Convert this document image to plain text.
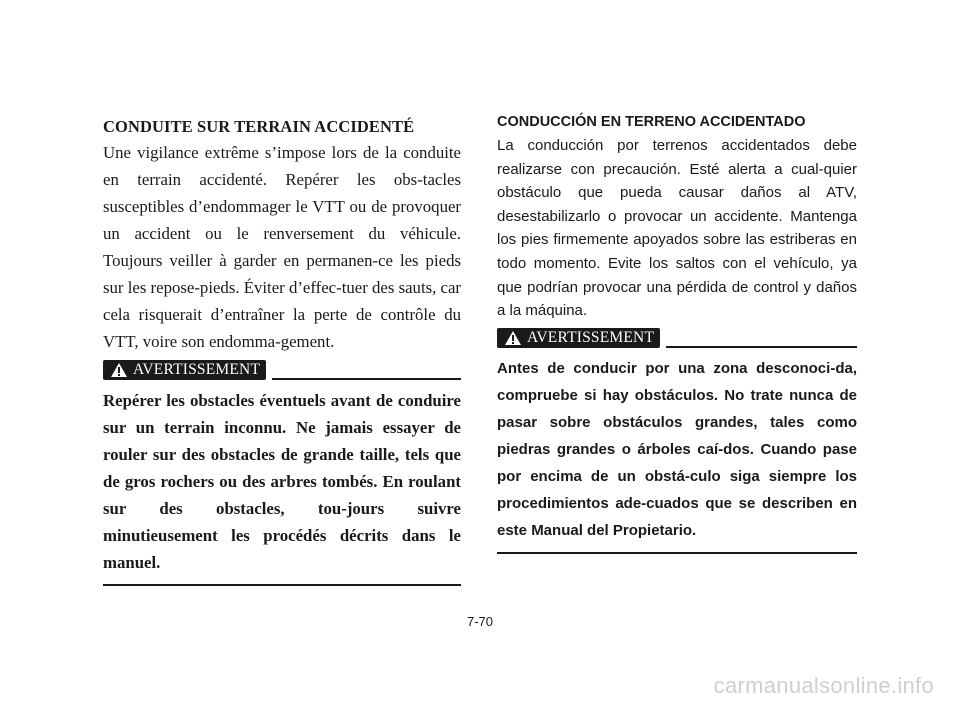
CONDUITE SUR TERRAIN ACCIDENTÉ

Une vigilance extrême s’impose lors de la conduite en terrain accidenté. Repérer les obs-tacles susceptibles d’endommager le VTT ou de provoquer un accident ou le renversement du véhicule. Toujours veiller à garder en permanen-ce les pieds sur les repose-pieds. Éviter d’effec-tuer des sauts, car cela risquerait d’entraîner la perte de contrôle du VTT, voire son endomma-gement.

AVERTISSEMENT

Repérer les obstacles éventuels avant de conduire sur un terrain inconnu. Ne jamais essayer de rouler sur des obstacles de grande taille, tels que de gros rochers ou des arbres tombés. En roulant sur des obstacles, tou-jours suivre minutieusement les procédés décrits dans le manuel.

CONDUCCIÓN EN TERRENO ACCIDENTADO

La conducción por terrenos accidentados debe realizarse con precaución. Esté alerta a cual-quier obstáculo que pueda causar daños al ATV, desestabilizarlo o provocar un accidente. Mantenga los pies firmemente apoyados sobre las estriberas en todo momento. Evite los saltos con el vehículo, ya que podrían provocar una pérdida de control y daños a la máquina.

AVERTISSEMENT

Antes de conducir por una zona desconoci-da, compruebe si hay obstáculos. No trate nunca de pasar sobre obstáculos grandes, tales como piedras grandes o árboles caí-dos. Cuando pase por encima de un obstá-culo siga siempre los procedimientos ade-cuados que se describen en este Manual del Propietario.

7-70
carmanualsonline.info
